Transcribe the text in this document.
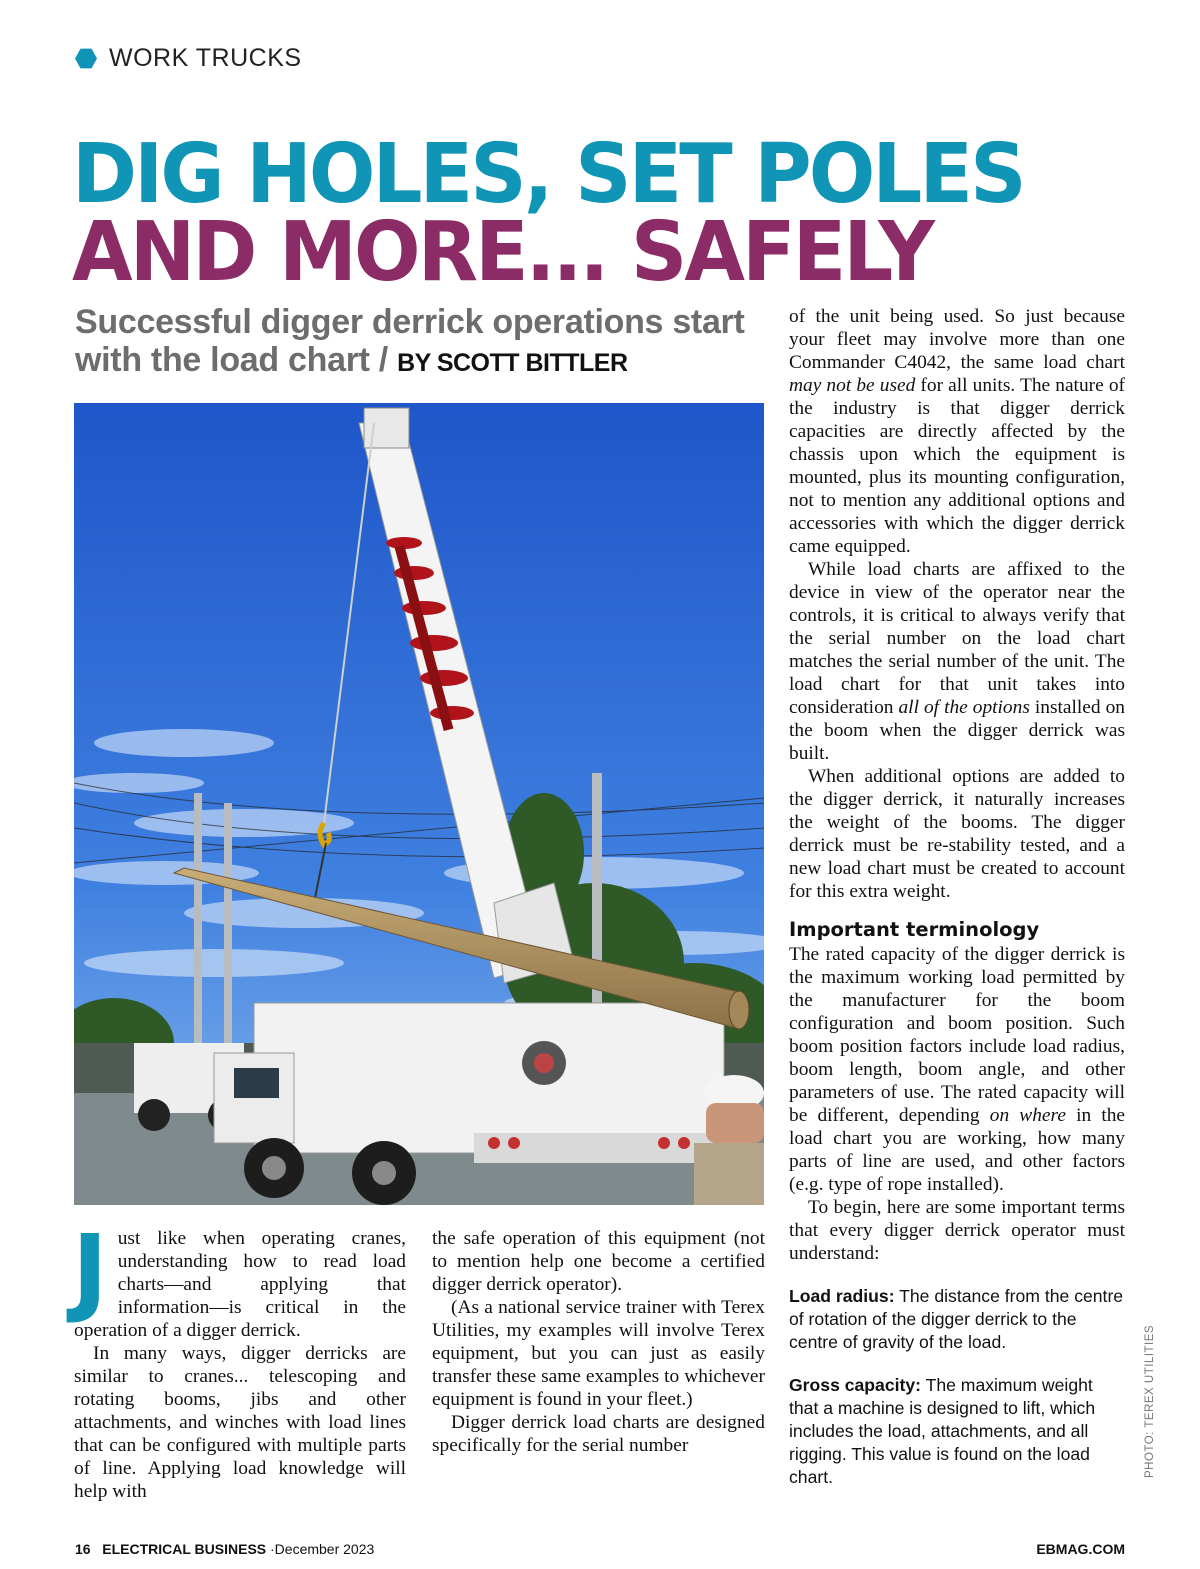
WORK TRUCKS
DIG HOLES, SET POLES
AND MORE... SAFELY
Successful digger derrick operations start with the load chart / BY SCOTT BITTLER

Just like when operating cranes, understanding how to read load charts—and applying that information—is critical in the operation of a digger derrick.

In many ways, digger derricks are similar to cranes... telescoping and rotating booms, jibs and other attachments, and winches with load lines that can be configured with multiple parts of line. Applying load knowledge will help with

the safe operation of this equipment (not to mention help one become a certified digger derrick operator).

(As a national service trainer with Terex Utilities, my examples will involve Terex equipment, but you can just as easily transfer these same examples to whichever equipment is found in your fleet.)

Digger derrick load charts are designed specifically for the serial number

of the unit being used. So just because your fleet may involve more than one Commander C4042, the same load chart may not be used for all units. The nature of the industry is that digger derrick capacities are directly affected by the chassis upon which the equipment is mounted, plus its mounting configuration, not to mention any additional options and accessories with which the digger derrick came equipped.

While load charts are affixed to the device in view of the operator near the controls, it is critical to always verify that the serial number on the load chart matches the serial number of the unit. The load chart for that unit takes into consideration all of the options installed on the boom when the digger derrick was built.

When additional options are added to the digger derrick, it naturally increases the weight of the booms. The digger derrick must be re-stability tested, and a new load chart must be created to account for this extra weight.

Important terminology

The rated capacity of the digger derrick is the maximum working load permitted by the manufacturer for the boom configuration and boom position. Such boom position factors include load radius, boom length, boom angle, and other parameters of use. The rated capacity will be different, depending on where in the load chart you are working, how many parts of line are used, and other factors (e.g. type of rope installed).

To begin, here are some important terms that every digger derrick operator must understand:

Load radius: The distance from the centre of rotation of the digger derrick to the centre of gravity of the load.
Gross capacity: The maximum weight that a machine is designed to lift, which includes the load, attachments, and all rigging. This value is found on the load chart.	PHOTO: TEREX UTILITIES
16 ELECTRICAL BUSINESS ·December 2023	EBMAG.COM
